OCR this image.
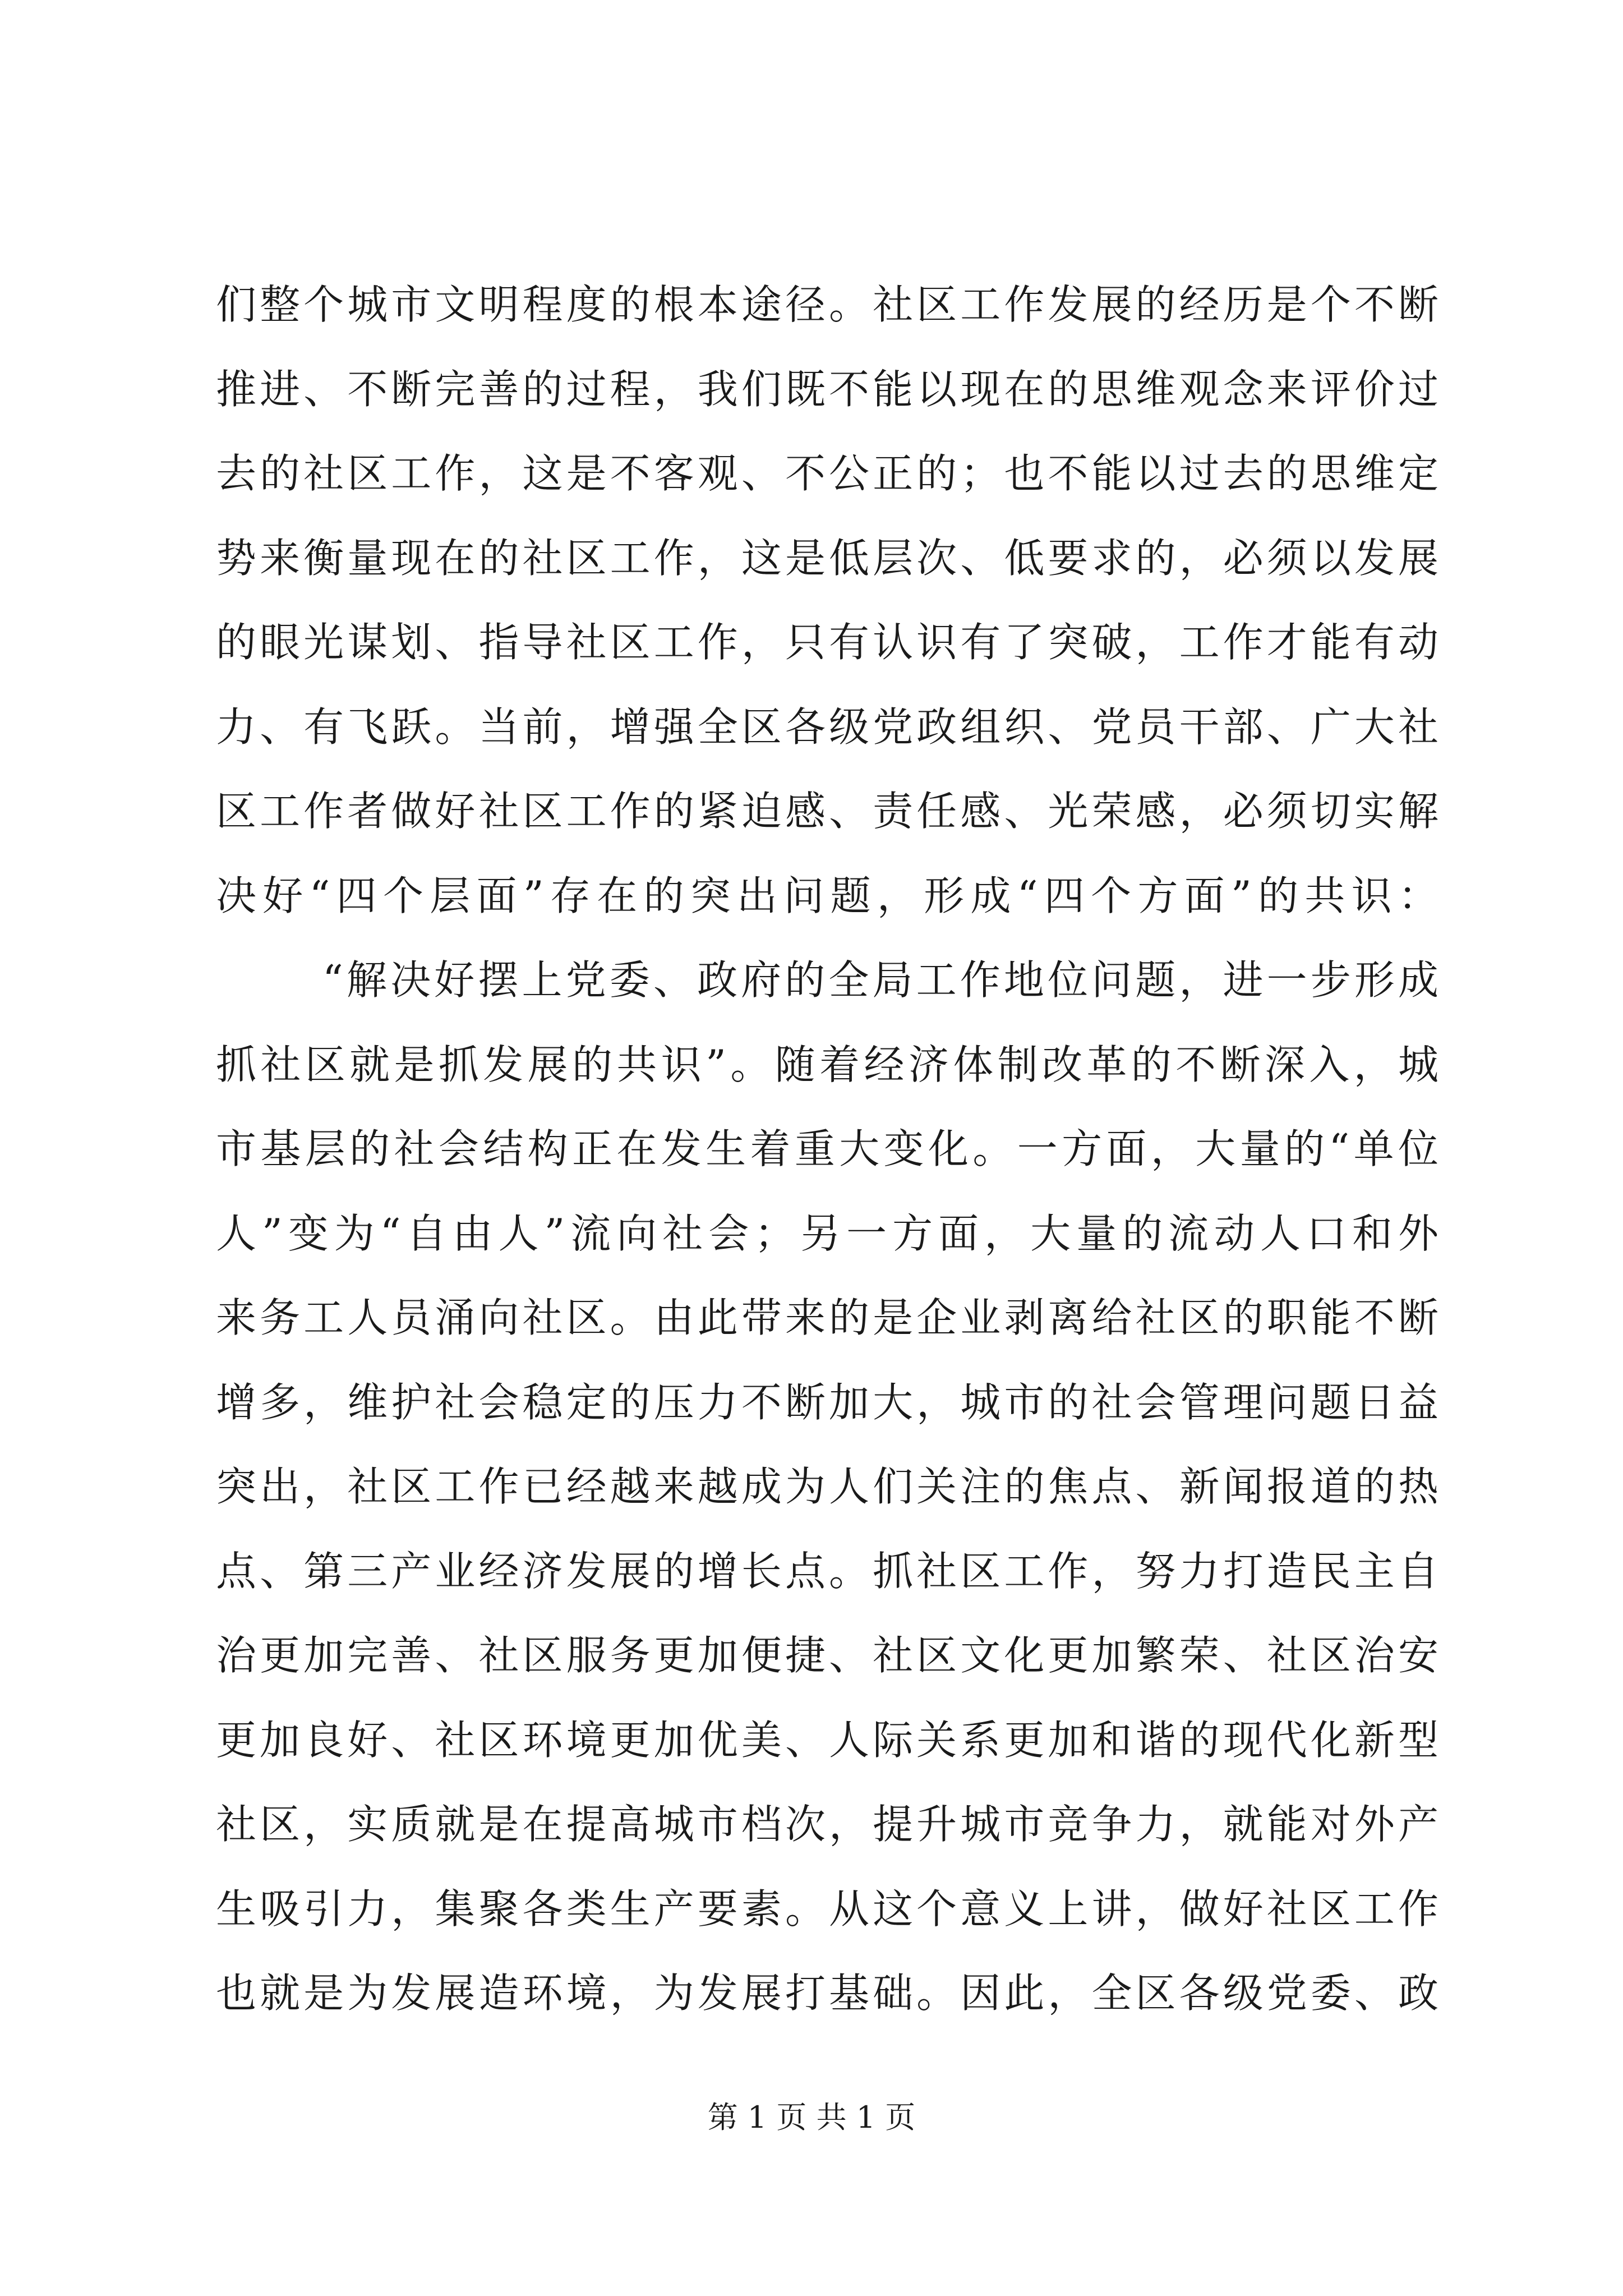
们整个城市文明程度的根本途径。社区工作发展的经历是个不断
推进、不断完善的过程，我们既不能以现在的思维观念来评价过
去的社区工作，这是不客观、不公正的；也不能以过去的思维定
势来衡量现在的社区工作，这是低层次、低要求的，必须以发展
的眼光谋划、指导社区工作，只有认识有了突破，工作才能有动
力、有飞跃。当前，增强全区各级党政组织、党员干部、广大社
区工作者做好社区工作的紧迫感、责任感、光荣感，必须切实解
决好“四个层面”存在的突出问题，形成“四个方面”的共识：
“解决好摆上党委、政府的全局工作地位问题，进一步形成
抓社区就是抓发展的共识”。随着经济体制改革的不断深入，城
市基层的社会结构正在发生着重大变化。一方面，大量的“单位
人”变为“自由人”流向社会；另一方面，大量的流动人口和外
来务工人员涌向社区。由此带来的是企业剥离给社区的职能不断
增多，维护社会稳定的压力不断加大，城市的社会管理问题日益
突出，社区工作已经越来越成为人们关注的焦点、新闻报道的热
点、第三产业经济发展的增长点。抓社区工作，努力打造民主自
治更加完善、社区服务更加便捷、社区文化更加繁荣、社区治安
更加良好、社区环境更加优美、人际关系更加和谐的现代化新型
社区，实质就是在提高城市档次，提升城市竞争力，就能对外产
生吸引力，集聚各类生产要素。从这个意义上讲，做好社区工作
也就是为发展造环境，为发展打基础。因此，全区各级党委、政
第 1 页 共 1 页
